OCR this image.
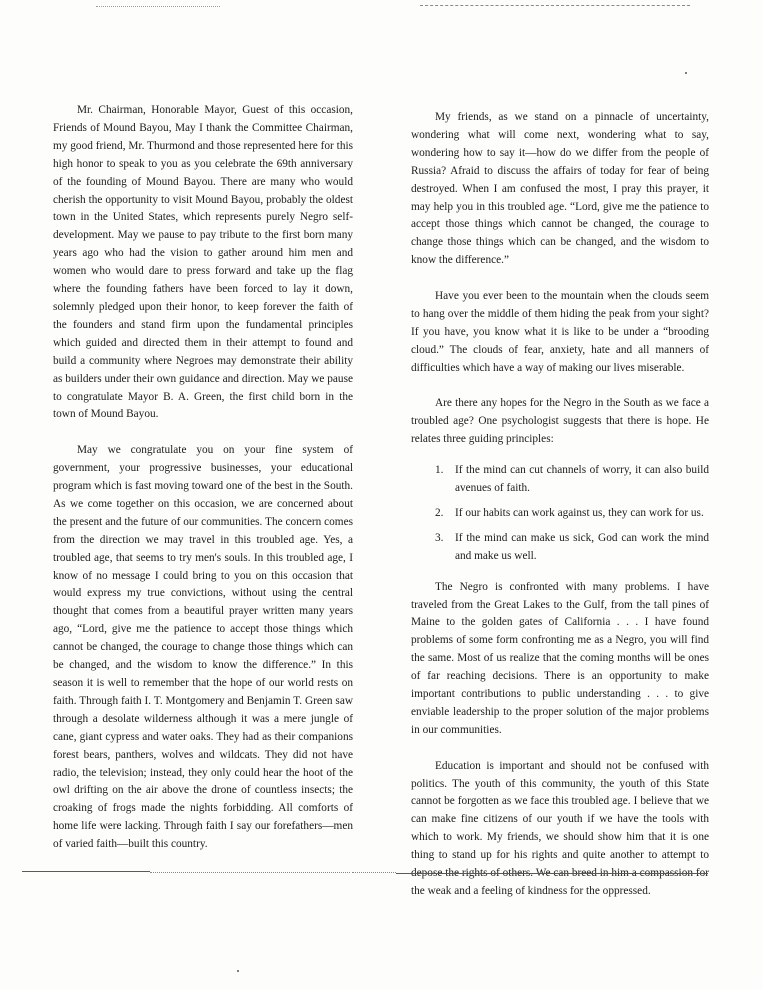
Mr. Chairman, Honorable Mayor, Guest of this occasion, Friends of Mound Bayou, May I thank the Committee Chairman, my good friend, Mr. Thurmond and those represented here for this high honor to speak to you as you celebrate the 69th anniversary of the founding of Mound Bayou. There are many who would cherish the opportunity to visit Mound Bayou, probably the oldest town in the United States, which represents purely Negro self-development. May we pause to pay tribute to the first born many years ago who had the vision to gather around him men and women who would dare to press forward and take up the flag where the founding fathers have been forced to lay it down, solemnly pledged upon their honor, to keep forever the faith of the founders and stand firm upon the fundamental principles which guided and directed them in their attempt to found and build a community where Negroes may demonstrate their ability as builders under their own guidance and direction. May we pause to congratulate Mayor B. A. Green, the first child born in the town of Mound Bayou.

May we congratulate you on your fine system of government, your progressive businesses, your educational program which is fast moving toward one of the best in the South. As we come together on this occasion, we are concerned about the present and the future of our communities. The concern comes from the direction we may travel in this troubled age. Yes, a troubled age, that seems to try men's souls. In this troubled age, I know of no message I could bring to you on this occasion that would express my true convictions, without using the central thought that comes from a beautiful prayer written many years ago, “Lord, give me the patience to accept those things which cannot be changed, the courage to change those things which can be changed, and the wisdom to know the difference.” In this season it is well to remember that the hope of our world rests on faith. Through faith I. T. Montgomery and Benjamin T. Green saw through a desolate wilderness although it was a mere jungle of cane, giant cypress and water oaks. They had as their companions forest bears, panthers, wolves and wildcats. They did not have radio, the television; instead, they only could hear the hoot of the owl drifting on the air above the drone of countless insects; the croaking of frogs made the nights forbidding. All comforts of home life were lacking. Through faith I say our forefathers—men of varied faith—built this country.

My friends, as we stand on a pinnacle of uncertainty, wondering what will come next, wondering what to say, wondering how to say it—how do we differ from the people of Russia? Afraid to discuss the affairs of today for fear of being destroyed. When I am confused the most, I pray this prayer, it may help you in this troubled age. “Lord, give me the patience to accept those things which cannot be changed, the courage to change those things which can be changed, and the wisdom to know the difference.”

Have you ever been to the mountain when the clouds seem to hang over the middle of them hiding the peak from your sight? If you have, you know what it is like to be under a “brooding cloud.” The clouds of fear, anxiety, hate and all manners of difficulties which have a way of making our lives miserable.

Are there any hopes for the Negro in the South as we face a troubled age? One psychologist suggests that there is hope. He relates three guiding principles:

1. If the mind can cut channels of worry, it can also build avenues of faith.
2. If our habits can work against us, they can work for us.
3. If the mind can make us sick, God can work the mind and make us well.

The Negro is confronted with many problems. I have traveled from the Great Lakes to the Gulf, from the tall pines of Maine to the golden gates of California . . . I have found problems of some form confronting me as a Negro, you will find the same. Most of us realize that the coming months will be ones of far reaching decisions. There is an opportunity to make important contributions to public understanding . . . to give enviable leadership to the proper solution of the major problems in our communities.

Education is important and should not be confused with politics. The youth of this community, the youth of this State cannot be forgotten as we face this troubled age. I believe that we can make fine citizens of our youth if we have the tools with which to work. My friends, we should show him that it is one thing to stand up for his rights and quite another to attempt to depose the rights of others. We can breed in him a compassion for the weak and a feeling of kindness for the oppressed.
